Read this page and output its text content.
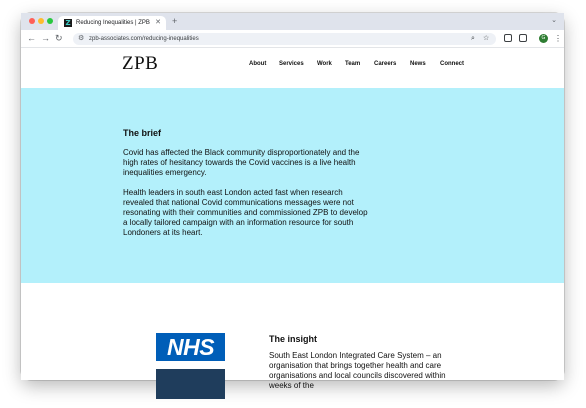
Z Reducing Inequalities | ZPB ✕ +	⌄
← → ↻ ⚙ zpb-associates.com/reducing-inequalities	⌕ ☆	G	⋮
ZPB	About Services Work Team Careers News Connect
The brief

Covid has affected the Black community disproportionately and the high rates of hesitancy towards the Covid vaccines is a live health inequalities emergency.

Health leaders in south east London acted fast when research revealed that national Covid communications messages were not resonating with their communities and commissioned ZPB to develop a locally tailored campaign with an information resource for south Londoners at its heart.

NHS	The insight

South East London Integrated Care System – an organisation that brings together health and care organisations and local councils discovered within weeks of the
